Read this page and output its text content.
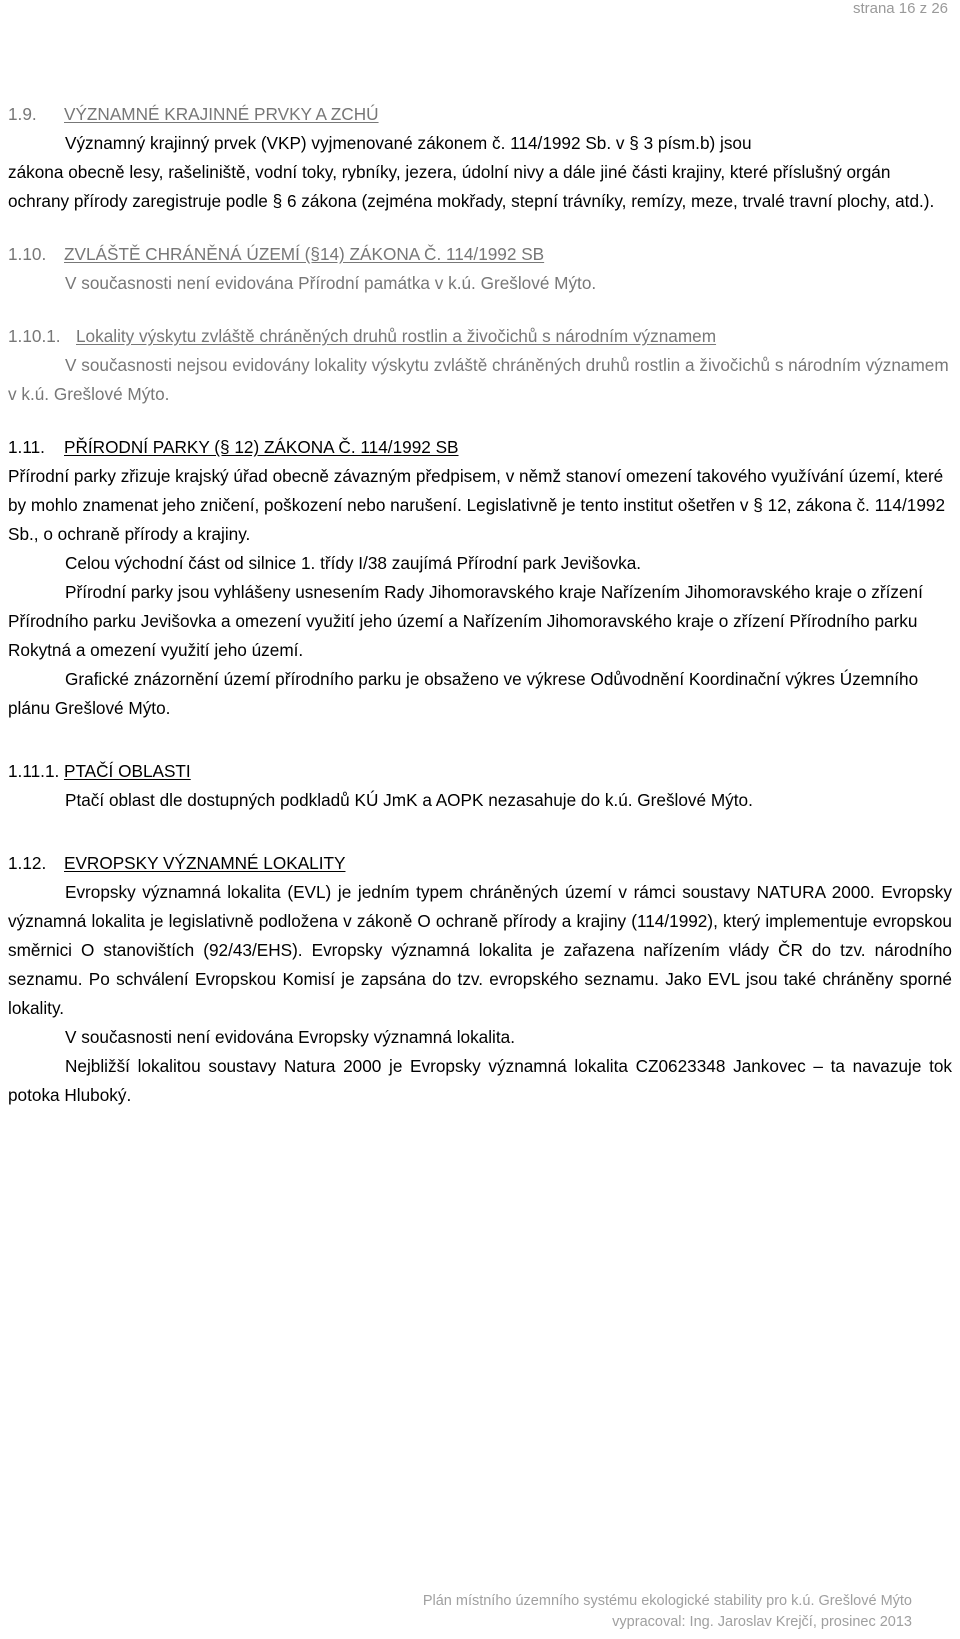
strana 16 z 26
1.9. VÝZNAMNÉ KRAJINNÉ PRVKY A ZCHÚ

Významný krajinný prvek (VKP) vyjmenované zákonem č. 114/1992 Sb. v § 3 písm.b) jsou

zákona obecně lesy, rašeliniště, vodní toky, rybníky, jezera, údolní nivy a dále jiné části krajiny, které příslušný orgán ochrany přírody zaregistruje podle § 6 zákona (zejména mokřady, stepní trávníky, remízy, meze, trvalé travní plochy, atd.).

1.10. ZVLÁŠTĚ CHRÁNĚNÁ ÚZEMÍ (§14) ZÁKONA Č. 114/1992 SB

V současnosti není evidována Přírodní památka v k.ú. Grešlové Mýto.

1.10.1. Lokality výskytu zvláště chráněných druhů rostlin a živočichů s národním významem

V současnosti nejsou evidovány lokality výskytu zvláště chráněných druhů rostlin a živočichů s národním významem v k.ú. Grešlové Mýto.

1.11. PŘÍRODNÍ PARKY (§ 12) ZÁKONA Č. 114/1992 SB

Přírodní parky zřizuje krajský úřad obecně závazným předpisem, v němž stanoví omezení takového využívání území, které by mohlo znamenat jeho zničení, poškození nebo narušení. Legislativně je tento institut ošetřen v § 12, zákona č. 114/1992 Sb., o ochraně přírody a krajiny.

Celou východní část od silnice 1. třídy I/38 zaujímá Přírodní park Jevišovka.

Přírodní parky jsou vyhlášeny usnesením Rady Jihomoravského kraje Nařízením Jihomoravského kraje o zřízení Přírodního parku Jevišovka a omezení využití jeho území a Nařízením Jihomoravského kraje o zřízení Přírodního parku Rokytná a omezení využití jeho území.

Grafické znázornění území přírodního parku je obsaženo ve výkrese Odůvodnění Koordinační výkres Územního plánu Grešlové Mýto.

1.11.1. PTAČÍ OBLASTI

Ptačí oblast dle dostupných podkladů KÚ JmK a AOPK nezasahuje do k.ú. Grešlové Mýto.

1.12. EVROPSKY VÝZNAMNÉ LOKALITY

Evropsky významná lokalita (EVL) je jedním typem chráněných území v rámci soustavy NATURA 2000. Evropsky významná lokalita je legislativně podložena v zákoně O ochraně přírody a krajiny (114/1992), který implementuje evropskou směrnici O stanovištích (92/43/EHS). Evropsky významná lokalita je zařazena nařízením vlády ČR do tzv. národního seznamu. Po schválení Evropskou Komisí je zapsána do tzv. evropského seznamu. Jako EVL jsou také chráněny sporné lokality.

V současnosti není evidována Evropsky významná lokalita.

Nejbližší lokalitou soustavy Natura 2000 je Evropsky významná lokalita CZ0623348 Jankovec – ta navazuje tok potoka Hluboký.

Plán místního územního systému ekologické stability pro k.ú. Grešlové Mýto
vypracoval: Ing. Jaroslav Krejčí, prosinec 2013
